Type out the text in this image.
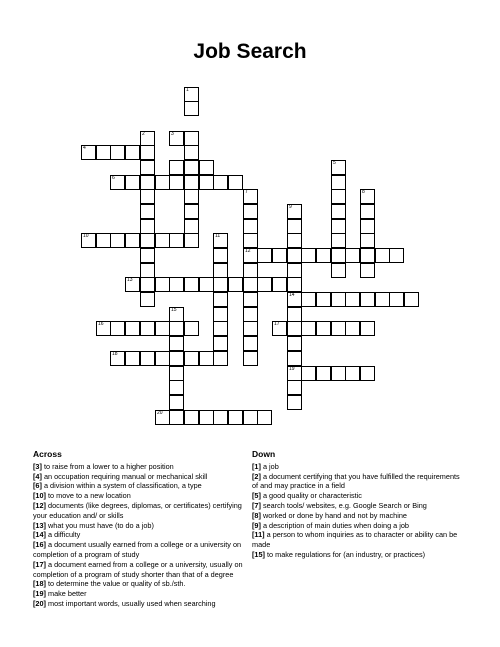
Job Search
1
2	3
4
5
6
7	8
9
10	11
12
13
14
15
16	17
18
19
20
Across

[3] to raise from a lower to a higher position

[4] an occupation requiring manual or mechanical skill

[6] a division within a system of classification, a type

[10] to move to a new location

[12] documents (like degrees, diplomas, or certificates) certifying your education and/ or skills

[13] what you must have (to do a job)

[14] a difficulty

[16] a document usually earned from a college or a university on completion of a program of study

[17] a document earned from a college or a university, usually on completion of a program of study shorter than that of a degree

[18] to determine the value or quality of sb./sth.

[19] make better

[20] most important words, usually used when searching

Down

[1] a job

[2] a document certifying that you have fulfilled the requirements of and may practice in a field

[5] a good quality or characteristic

[7] search tools/ websites, e.g. Google Search or Bing

[8] worked or done by hand and not by machine

[9] a description of main duties when doing a job

[11] a person to whom inquiries as to character or ability can be made

[15] to make regulations for (an industry, or practices)
